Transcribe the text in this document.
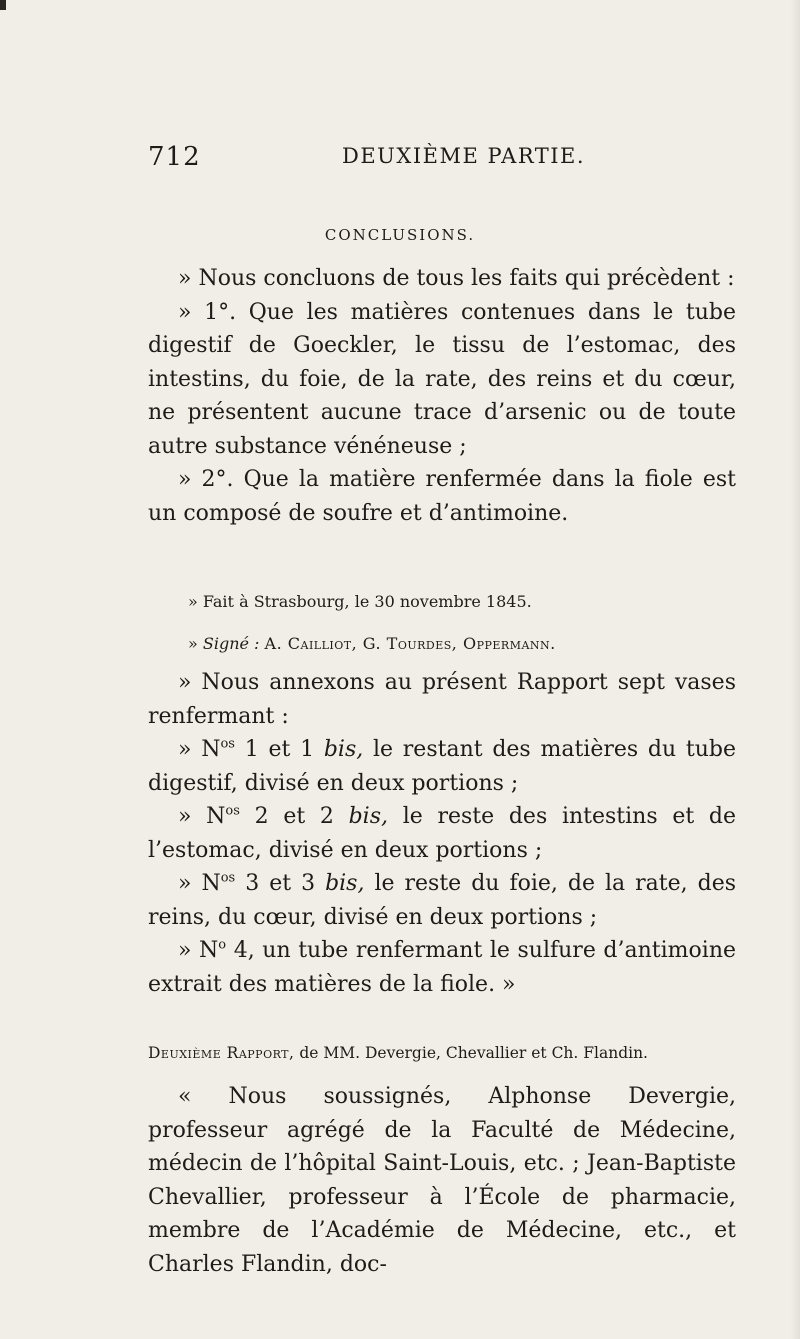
712	DEUXIÈME PARTIE.
CONCLUSIONS.

» Nous concluons de tous les faits qui précèdent :

» 1°. Que les matières contenues dans le tube digestif de Goeckler, le tissu de l’estomac, des intestins, du foie, de la rate, des reins et du cœur, ne présentent aucune trace d’arsenic ou de toute autre substance vénéneuse ;

» 2°. Que la matière renfermée dans la fiole est un composé de soufre et d’antimoine.

» Fait à Strasbourg, le 30 novembre 1845.

» Signé : A. Cailliot, G. Tourdes, Oppermann.

» Nous annexons au présent Rapport sept vases renfermant :

» $N^{os}$ 1 et 1 bis, le restant des matières du tube digestif, divisé en deux portions ;

» $N^{os}$ 2 et 2 bis, le reste des intestins et de l’estomac, divisé en deux portions ;

» $N^{os}$ 3 et 3 bis, le reste du foie, de la rate, des reins, du cœur, divisé en deux portions ;

» $N^o$ 4, un tube renfermant le sulfure d’antimoine extrait des matières de la fiole. »

Deuxième Rapport, de MM. Devergie, Chevallier et Ch. Flandin.

« Nous soussignés, Alphonse Devergie, professeur agrégé de la Faculté de Médecine, médecin de l’hôpital Saint-Louis, etc. ; Jean-Baptiste Chevallier, professeur à l’École de pharmacie, membre de l’Académie de Médecine, etc., et Charles Flandin, doc-
